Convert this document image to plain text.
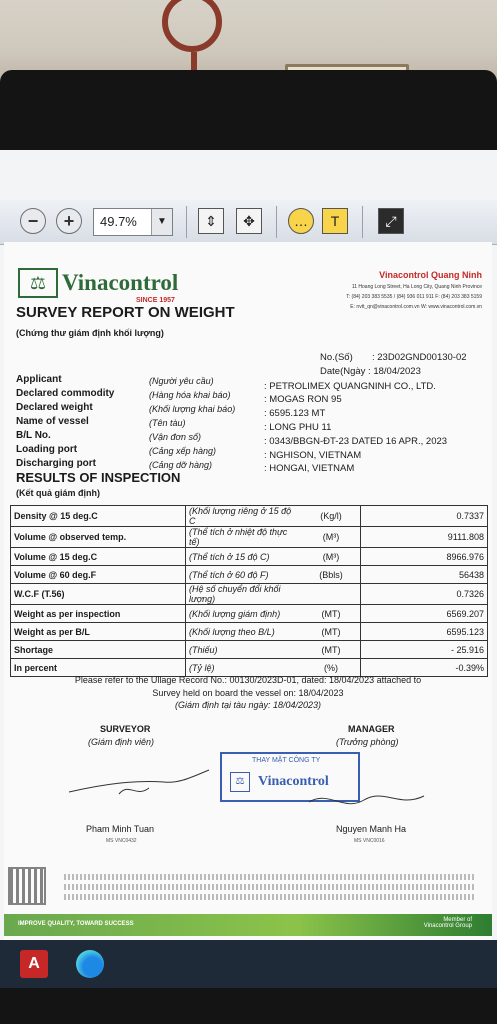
−	+	49.7%	▼	⇕	✥	…	T	⤢
⚖ Vinacontrol
SINCE 1957
SURVEY REPORT ON WEIGHT
(Chứng thư giám định khối lượng)
Vinacontrol Quang Ninh
11 Hoang Long Street, Ha Long City, Quang Ninh Province
T: (84) 203 383 5535 / (84) 936 011 911 F: (84) 203 383 5159
E: nvtt_qn@vinacontrol.com.vn W: www.vinacontrol.com.vn
No.(Số) : 23D02GND00130-02
Date(Ngày : 18/04/2023
Applicant	(Người yêu cầu)	: PETROLIMEX QUANGNINH CO., LTD.
Declared commodity	(Hàng hóa khai báo)	: MOGAS RON 95
Declared weight	(Khối lượng khai báo)	: 6595.123 MT
Name of vessel	(Tên tàu)	: LONG PHU 11
B/L No.	(Vận đơn số)	: 0343/BBGN-ĐT-23 DATED 16 APR., 2023
Loading port	(Cảng xếp hàng)	: NGHISON, VIETNAM
Discharging port	(Cảng dỡ hàng)	: HONGAI, VIETNAM
RESULTS OF INSPECTION
(Kết quả giám định)
Density @ 15 deg.C	(Khối lượng riêng ở 15 độ C	(Kg/l)	0.7337
Volume @ observed temp.	(Thể tích ở nhiệt độ thực tế)	(M³)	9111.808
Volume @ 15 deg.C	(Thể tích ở 15 độ C)	(M³)	8966.976
Volume @ 60 deg.F	(Thể tích ở 60 độ F)	(Bbls)	56438
W.C.F (T.56)	(Hệ số chuyển đổi khối lượng)		0.7326
Weight as per inspection	(Khối lượng giám định)	(MT)	6569.207
Weight as per B/L	(Khối lượng theo B/L)	(MT)	6595.123
Shortage	(Thiếu)	(MT)	- 25.916
In percent	(Tỷ lệ)	(%)	-0.39%
Please refer to the Ullage Record No.: 00130/2023D-01, dated: 18/04/2023 attached to
Survey held on board the vessel on: 18/04/2023
(Giám định tại tàu ngày: 18/04/2023)
SURVEYOR
(Giám định viên)
MANAGER
(Trưởng phòng)
THAY MẶT CÔNG TY
⚖ Vinacontrol
Pham Minh Tuan
MS VNC0432
Nguyen Manh Ha
MS VNC0016
IMPROVE QUALITY, TOWARD SUCCESS
Member of
Vinacontrol Group
A
